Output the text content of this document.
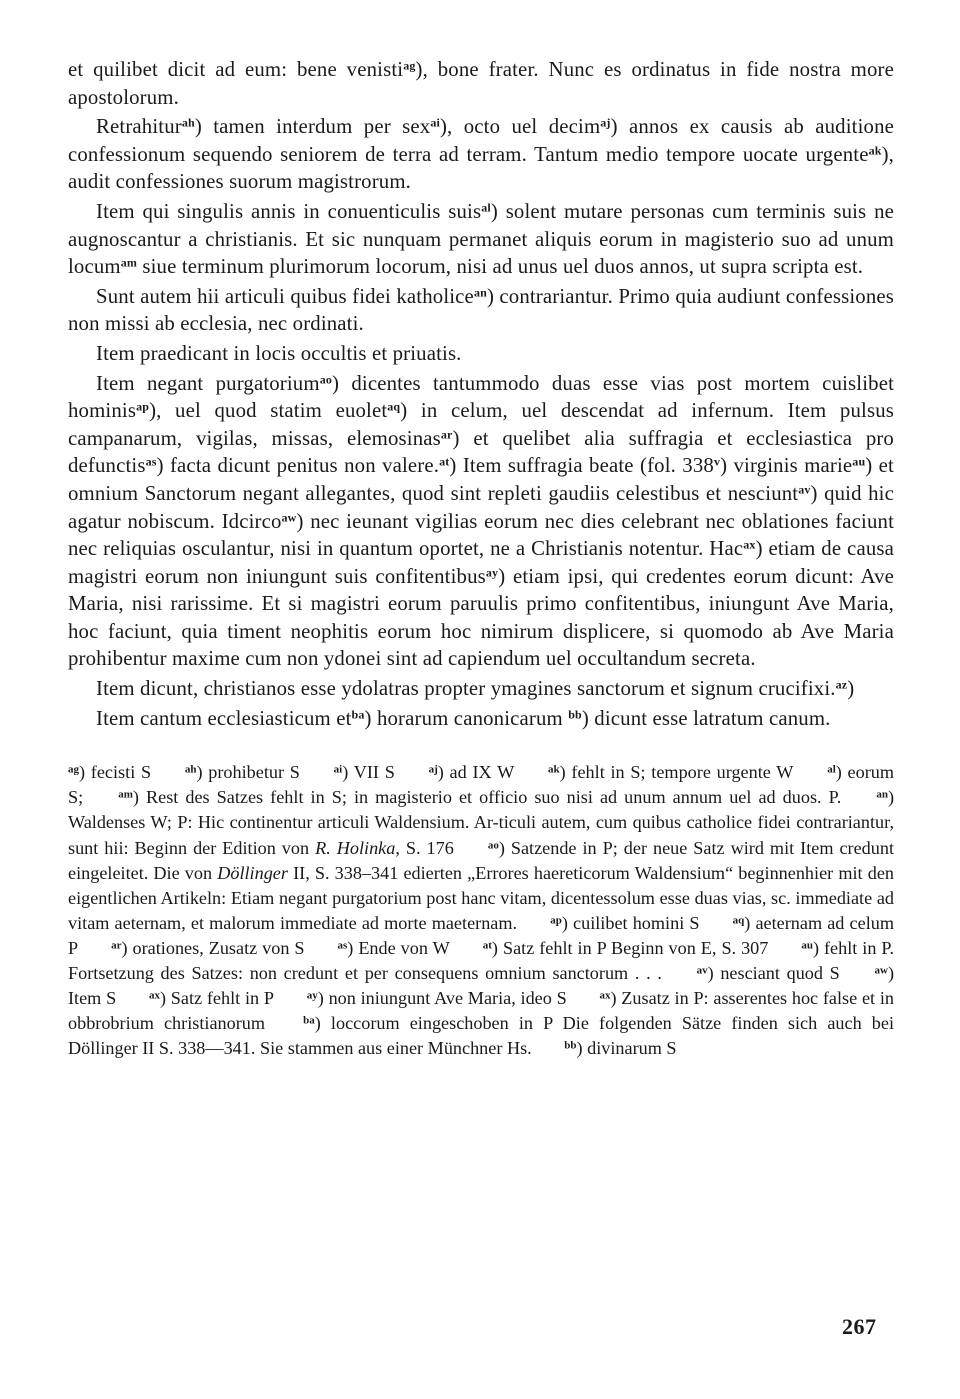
et quilibet dicit ad eum: bene venisti$^{ag}$), bone frater. Nunc es ordinatus in fide nostra more apostolorum.

Retrahitur$^{ah}$) tamen interdum per sex$^{ai}$), octo uel decim$^{aj}$) annos ex causis ab auditione confessionum sequendo seniorem de terra ad terram. Tantum medio tempore uocate urgente$^{ak}$), audit confessiones suorum magistrorum.

Item qui singulis annis in conuenticulis suis$^{al}$) solent mutare personas cum terminis suis ne augnoscantur a christianis. Et sic nunquam permanet aliquis eorum in magisterio suo ad unum locum$^{am}$ siue terminum plurimorum locorum, nisi ad unus uel duos annos, ut supra scripta est.

Sunt autem hii articuli quibus fidei katholice$^{an}$) contrariantur. Primo quia audiunt confessiones non missi ab ecclesia, nec ordinati.

Item praedicant in locis occultis et priuatis.

Item negant purgatorium$^{ao}$) dicentes tantummodo duas esse vias post mortem cuislibet hominis$^{ap}$), uel quod statim euolet$^{aq}$) in celum, uel descendat ad infernum. Item pulsus campanarum, vigilas, missas, elemosinas$^{ar}$) et quelibet alia suffragia et ecclesiastica pro defunctis$^{as}$) facta dicunt penitus non valere.$^{at}$) Item suffragia beate (fol. 338$^v$) virginis marie$^{au}$) et omnium Sanctorum negant allegantes, quod sint repleti gaudiis celestibus et nesciunt$^{av}$) quid hic agatur nobiscum. Idcirco$^{aw}$) nec ieunant vigilias eorum nec dies celebrant nec oblationes faciunt nec reliquias osculantur, nisi in quantum oportet, ne a Christianis notentur. Hac$^{ax}$) etiam de causa magistri eorum non iniungunt suis confitentibus$^{ay}$) etiam ipsi, qui credentes eorum dicunt: Ave Maria, nisi rarissime. Et si magistri eorum paruulis primo confitentibus, iniungunt Ave Maria, hoc faciunt, quia timent neophitis eorum hoc nimirum displicere, si quomodo ab Ave Maria prohibentur maxime cum non ydonei sint ad capiendum uel occultandum secreta.

Item dicunt, christianos esse ydolatras propter ymagines sanctorum et signum crucifixi.$^{az}$)

Item cantum ecclesiasticum $et^{ba}$) horarum canonicarum $^{bb}$) dicunt esse latratum canum.

$^{ag}$) fecisti S	$^{ah}$) prohibetur S	$^{ai}$) VII S	$^{aj}$) ad IX W	$^{ak}$) fehlt in S; tempore urgente W	$^{al}$) eorum S;	$^{am}$) Rest des Satzes fehlt in S; in magisterio et officio suo nisi ad unum annum uel ad duos. P.	$^{an}$) Waldenses W; P: Hic continentur articuli Waldensium. Ar-ticuli autem, cum quibus catholice fidei contrariantur, sunt hii: Beginn der Edition von R. Holinka, S. 176	$^{ao}$) Satzende in P; der neue Satz wird mit Item credunt eingeleitet. Die von Döllinger II, S. 338–341 edierten „Errores haereticorum Waldensium“ beginnenhier mit den eigentlichen Artikeln: Etiam negant purgatorium post hanc vitam, dicentessolum esse duas vias, sc. immediate ad vitam aeternam, et malorum immediate ad morte maeternam.	$^{ap}$) cuilibet homini S	$^{aq}$) aeternam ad celum P	$^{ar}$) orationes, Zusatz von S	$^{as}$) Ende von W	$^{at}$) Satz fehlt in P Beginn von E, S. 307	$^{au}$) fehlt in P. Fortsetzung des Satzes: non credunt et per consequens omnium sanctorum . . .	$^{av}$) nesciant quod S	$^{aw}$) Item S	$^{ax}$) Satz fehlt in P	$^{ay}$) non iniungunt Ave Maria, ideo S	$^{ax}$) Zusatz in P: asserentes hoc false et in obbrobrium christianorum	$^{ba}$) loccorum eingeschoben in P Die folgenden Sätze finden sich auch bei Döllinger II S. 338—341. Sie stammen aus einer Münchner Hs.	$^{bb}$) divinarum S

267
